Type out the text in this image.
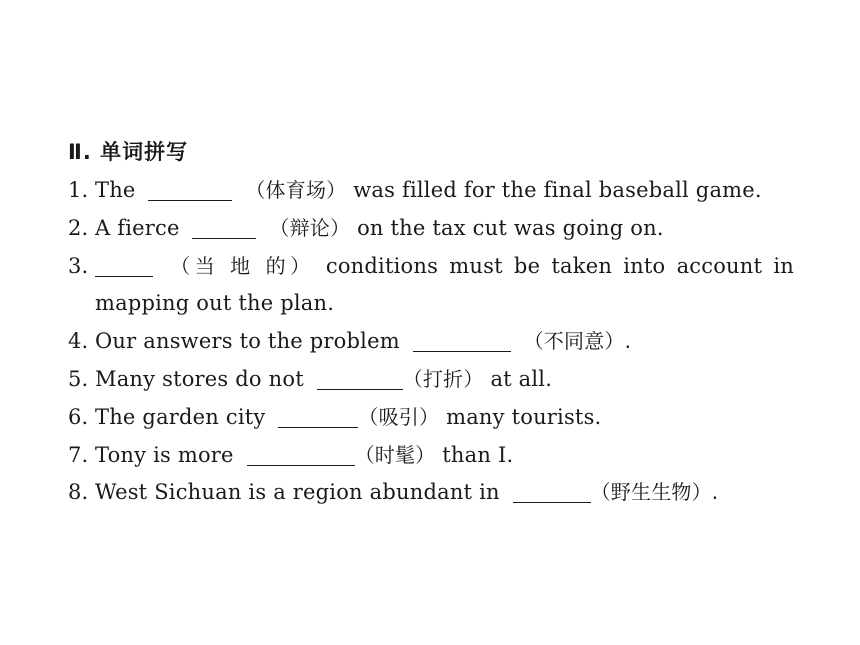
Ⅱ. 单词拼写
1. The	（体育场） was filled for the final baseball game.
2. A fierce	（辩论） on the tax cut was going on.
3.	（当 地 的） conditions must be taken into account in mapping out the plan.
4. Our answers to the problem	（不同意）.
5. Many stores do not	（打折） at all.
6. The garden city	（吸引） many tourists.
7. Tony is more	（时髦） than I.
8. West Sichuan is a region abundant in	（野生生物）.
